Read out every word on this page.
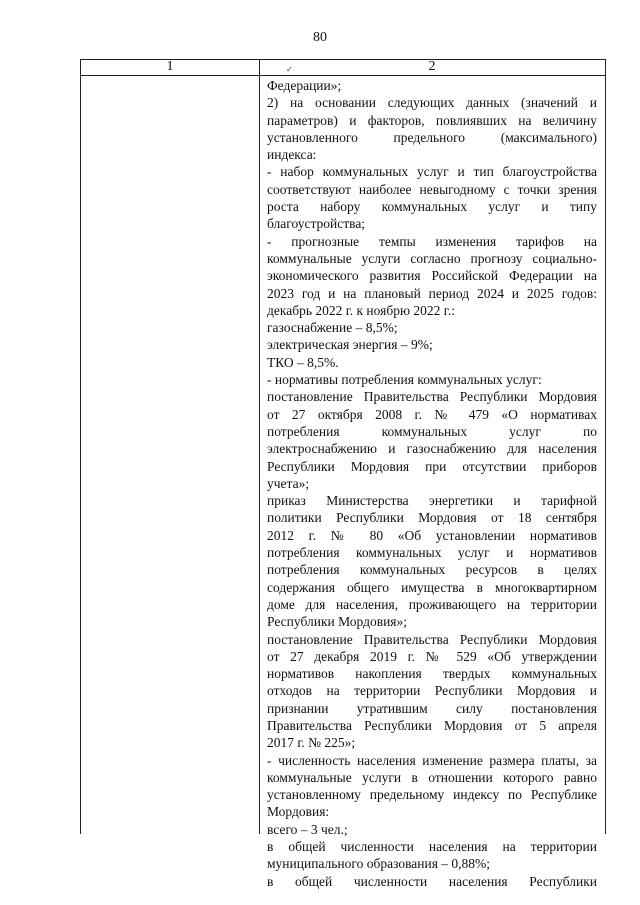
80
1	2
✓
Федерации»;
2) на основании следующих данных (значений и
параметров) и факторов, повлиявших на величину
установленного предельного (максимального)
индекса:
- набор коммунальных услуг и тип благоустройства
соответствуют наиболее невыгодному с точки зрения
роста набору коммунальных услуг и типу
благоустройства;
- прогнозные темпы изменения тарифов на
коммунальные услуги согласно прогнозу социально-
экономического развития Российской Федерации на
2023 год и на плановый период 2024 и 2025 годов:
декабрь 2022 г. к ноябрю 2022 г.:
газоснабжение – 8,5%;
электрическая энергия – 9%;
ТКО – 8,5%.
- нормативы потребления коммунальных услуг:
постановление Правительства Республики Мордовия
от 27 октября 2008 г. № 479 «О нормативах
потребления коммунальных услуг по
электроснабжению и газоснабжению для населения
Республики Мордовия при отсутствии приборов
учета»;
приказ Министерства энергетики и тарифной
политики Республики Мордовия от 18 сентября
2012 г. № 80 «Об установлении нормативов
потребления коммунальных услуг и нормативов
потребления коммунальных ресурсов в целях
содержания общего имущества в многоквартирном
доме для населения, проживающего на территории
Республики Мордовия»;
постановление Правительства Республики Мордовия
от 27 декабря 2019 г. № 529 «Об утверждении
нормативов накопления твердых коммунальных
отходов на территории Республики Мордовия и
признании утратившим силу постановления
Правительства Республики Мордовия от 5 апреля
2017 г. № 225»;
- численность населения изменение размера платы, за
коммунальные услуги в отношении которого равно
установленному предельному индексу по Республике
Мордовия:
всего – 3 чел.;
в общей численности населения на территории
муниципального образования – 0,88%;
в общей численности населения Республики
